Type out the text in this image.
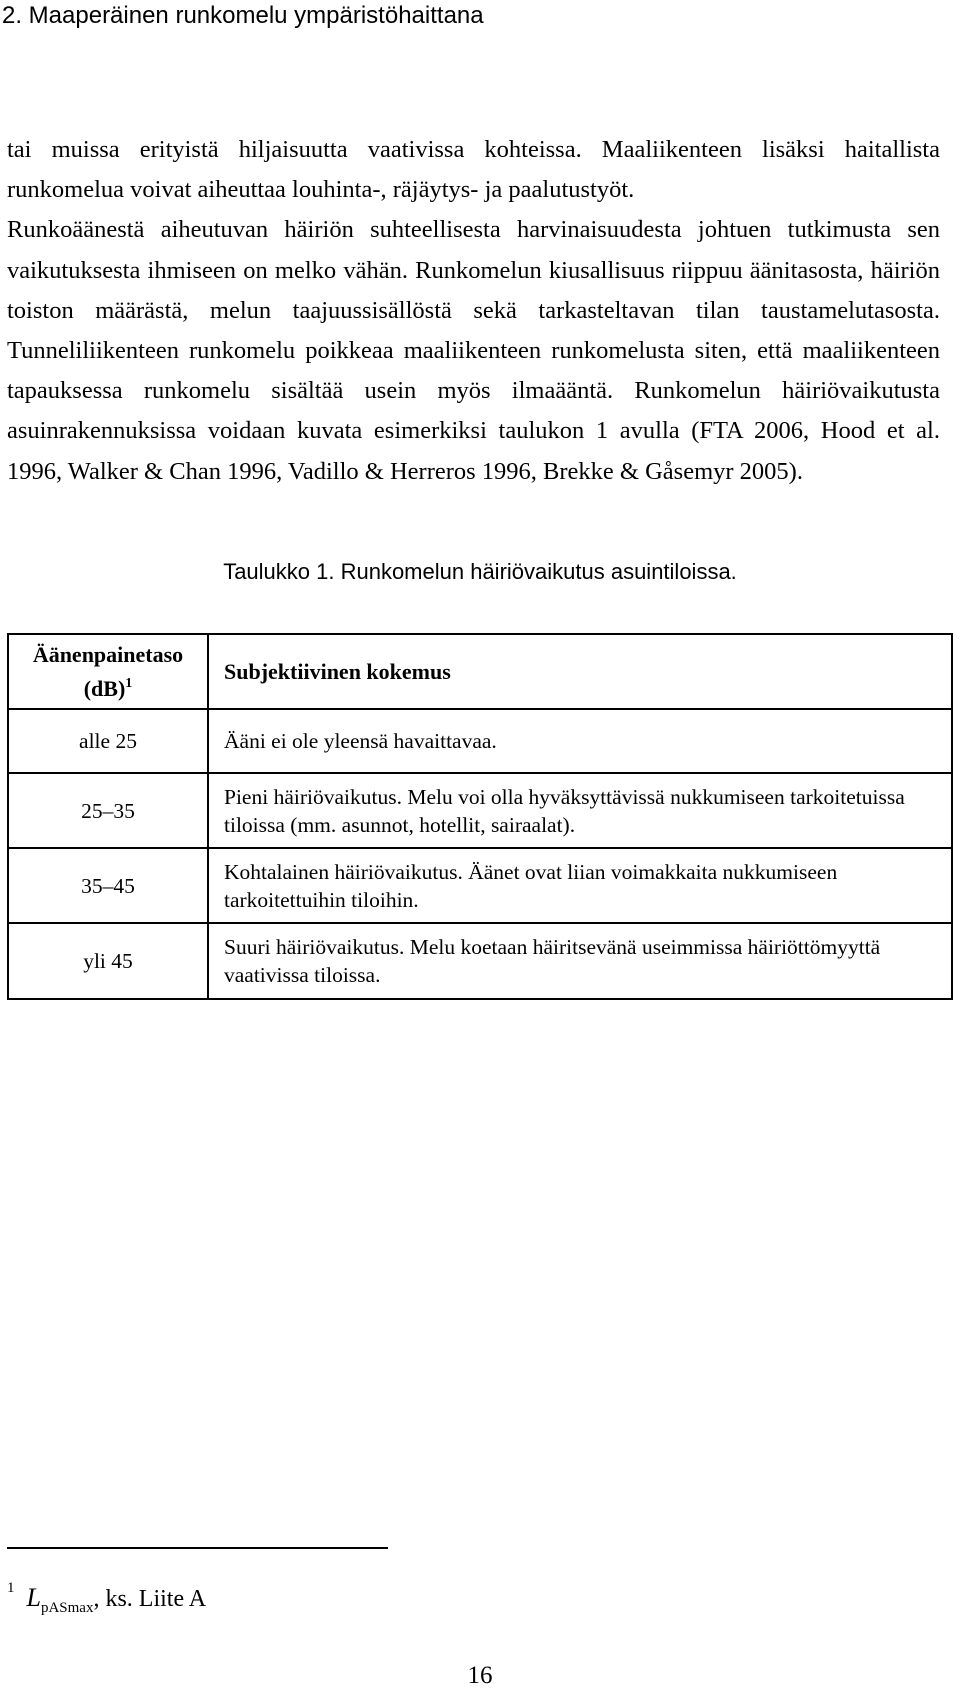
2. Maaperäinen runkomelu ympäristöhaittana

tai muissa erityistä hiljaisuutta vaativissa kohteissa. Maaliikenteen lisäksi haitallista runkomelua voivat aiheuttaa louhinta-, räjäytys- ja paalutustyöt.

Runkoäänestä aiheutuvan häiriön suhteellisesta harvinaisuudesta johtuen tutkimusta sen vaikutuksesta ihmiseen on melko vähän. Runkomelun kiusallisuus riippuu äänitasosta, häiriön toiston määrästä, melun taajuussisällöstä sekä tarkasteltavan tilan taustamelutasosta. Tunneliliikenteen runkomelu poikkeaa maaliikenteen runkomelusta siten, että maaliikenteen tapauksessa runkomelu sisältää usein myös ilmaääntä. Runkomelun häiriövaikutusta asuinrakennuksissa voidaan kuvata esimerkiksi taulukon 1 avulla (FTA 2006, Hood et al. 1996, Walker & Chan 1996, Vadillo & Herreros 1996, Brekke & Gåsemyr 2005).

Taulukko 1. Runkomelun häiriövaikutus asuintiloissa.
Äänenpainetaso
(dB)$^1$	Subjektiivinen kokemus
alle 25	Ääni ei ole yleensä havaittavaa.
25–35	Pieni häiriövaikutus. Melu voi olla hyväksyttävissä nukkumiseen tarkoitetuissa tiloissa (mm. asunnot, hotellit, sairaalat).
35–45	Kohtalainen häiriövaikutus. Äänet ovat liian voimakkaita nukkumiseen tarkoitettuihin tiloihin.
yli 45	Suuri häiriövaikutus. Melu koetaan häiritsevänä useimmissa häiriöttömyyttä vaativissa tiloissa.
$^1$ $L_{pASmax}$, ks. Liite A
16
